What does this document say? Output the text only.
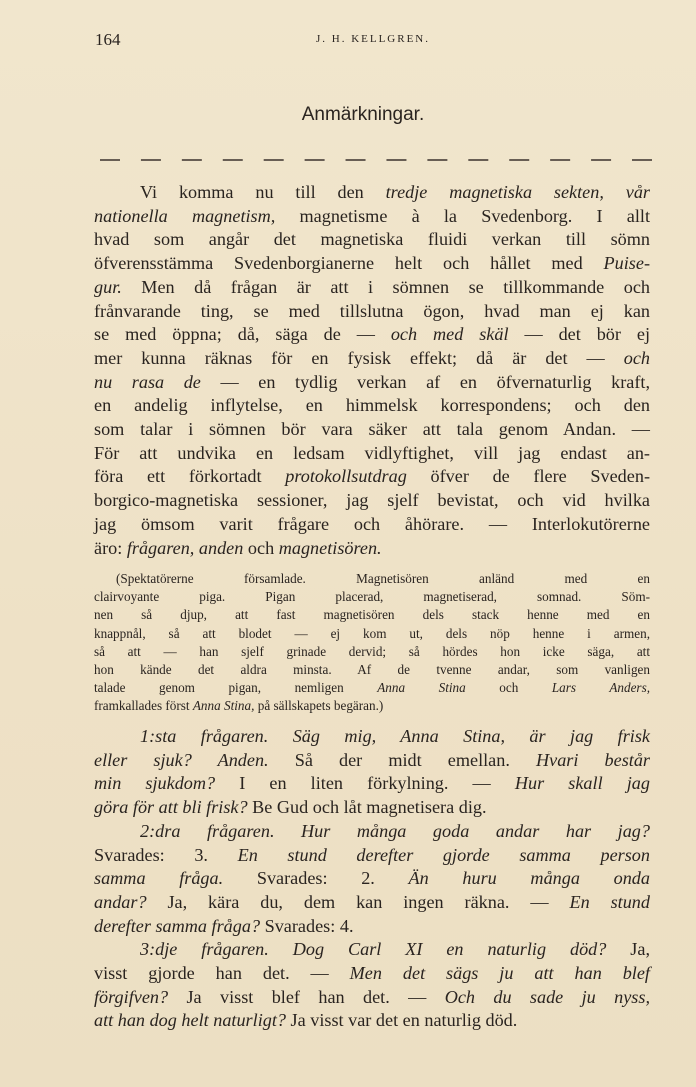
164	J. H. KELLGREN.
Anmärkningar.
Vi komma nu till den tredje magnetiska sekten, vår
nationella magnetism, magnetisme à la Svedenborg. I allt
hvad som angår det magnetiska fluidi verkan till sömn
öfverensstämma Svedenborgianerne helt och hållet med Puise-
gur. Men då frågan är att i sömnen se tillkommande och
frånvarande ting, se med tillslutna ögon, hvad man ej kan
se med öppna; då, säga de — och med skäl — det bör ej
mer kunna räknas för en fysisk effekt; då är det — och
nu rasa de — en tydlig verkan af en öfvernaturlig kraft,
en andelig inflytelse, en himmelsk korrespondens; och den
som talar i sömnen bör vara säker att tala genom Andan. —
För att undvika en ledsam vidlyftighet, vill jag endast an-
föra ett förkortadt protokollsutdrag öfver de flere Sveden-
borgico-magnetiska sessioner, jag sjelf bevistat, och vid hvilka
jag ömsom varit frågare och åhörare. — Interlokutörerne
äro: frågaren, anden och magnetisören.
(Spektatörerne församlade. Magnetisören anländ med en
clairvoyante piga. Pigan placerad, magnetiserad, somnad. Söm-
nen så djup, att fast magnetisören dels stack henne med en
knappnål, så att blodet — ej kom ut, dels nöp henne i armen,
så att — han sjelf grinade dervid; så hördes hon icke säga, att
hon kände det aldra minsta. Af de tvenne andar, som vanligen
talade genom pigan, nemligen Anna Stina och Lars Anders,
framkallades först Anna Stina, på sällskapets begäran.)
1:sta frågaren. Säg mig, Anna Stina, är jag frisk
eller sjuk? Anden. Så der midt emellan. Hvari består
min sjukdom? I en liten förkylning. — Hur skall jag
göra för att bli frisk? Be Gud och låt magnetisera dig.
2:dra frågaren. Hur många goda andar har jag?
Svarades: 3. En stund derefter gjorde samma person
samma fråga. Svarades: 2. Än huru många onda
andar? Ja, kära du, dem kan ingen räkna. — En stund
derefter samma fråga? Svarades: 4.
3:dje frågaren. Dog Carl XI en naturlig död? Ja,
visst gjorde han det. — Men det sägs ju att han blef
förgifven? Ja visst blef han det. — Och du sade ju nyss,
att han dog helt naturligt? Ja visst var det en naturlig död.
